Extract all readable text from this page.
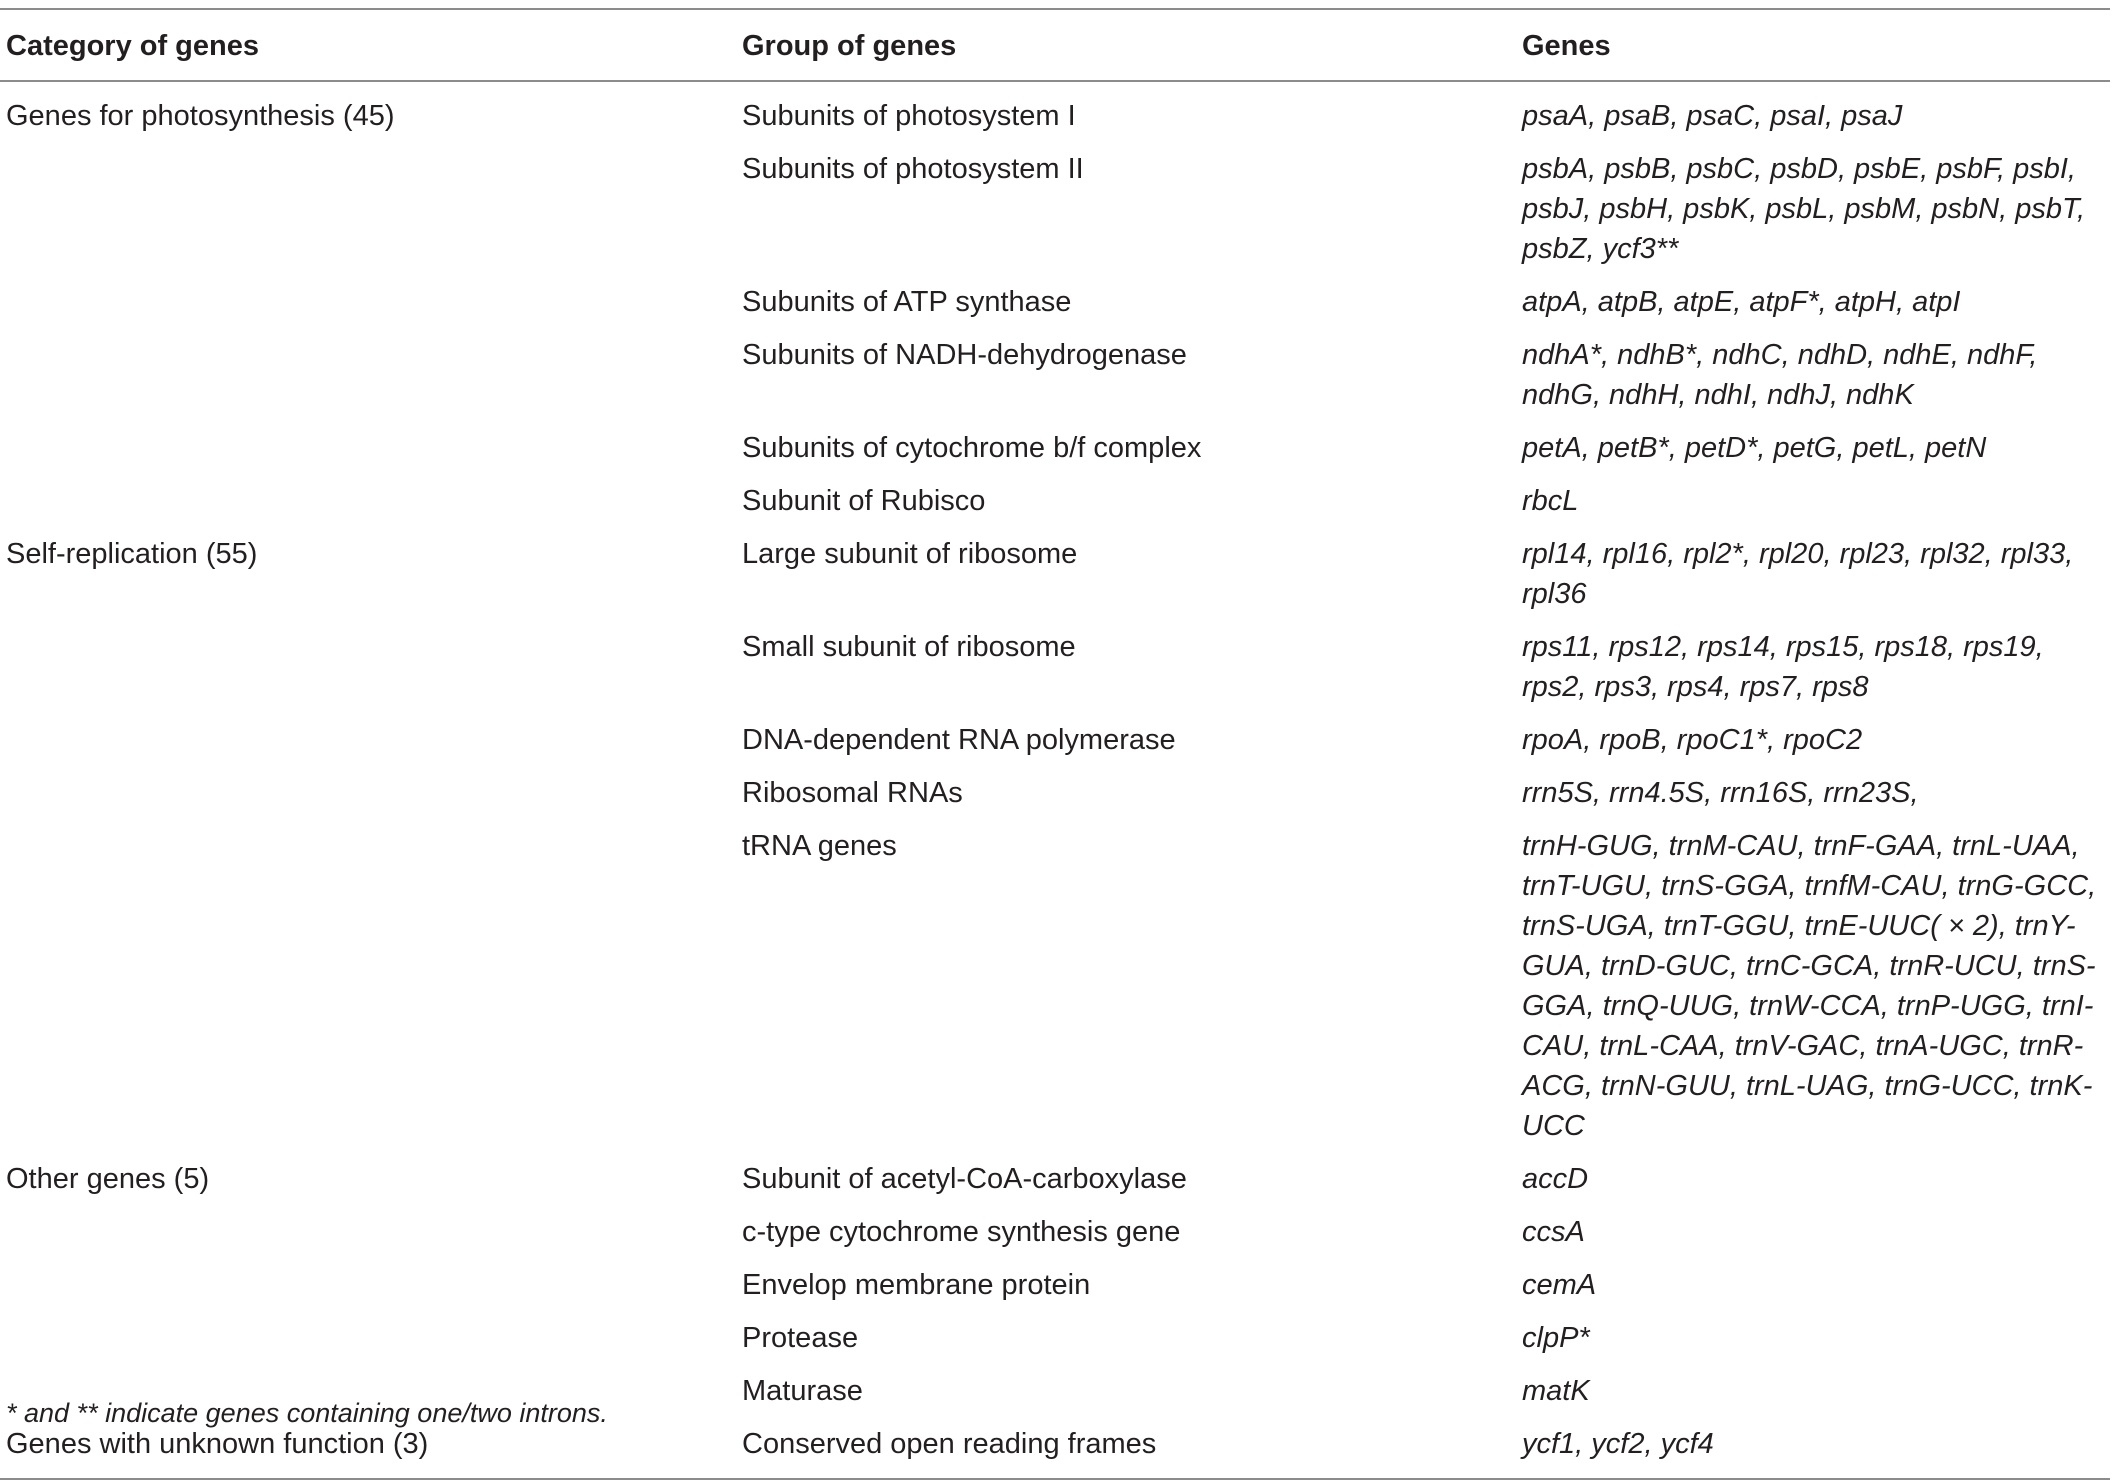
Category of genes	Group of genes	Genes
Genes for photosynthesis (45)	Subunits of photosystem I	psaA, psaB, psaC, psaI, psaJ
	Subunits of photosystem II	psbA, psbB, psbC, psbD, psbE, psbF, psbI, psbJ, psbH, psbK, psbL, psbM, psbN, psbT, psbZ, ycf3**
	Subunits of ATP synthase	atpA, atpB, atpE, atpF*, atpH, atpI
	Subunits of NADH-dehydrogenase	ndhA*, ndhB*, ndhC, ndhD, ndhE, ndhF, ndhG, ndhH, ndhI, ndhJ, ndhK
	Subunits of cytochrome b/f complex	petA, petB*, petD*, petG, petL, petN
	Subunit of Rubisco	rbcL
Self-replication (55)	Large subunit of ribosome	rpl14, rpl16, rpl2*, rpl20, rpl23, rpl32, rpl33, rpl36
	Small subunit of ribosome	rps11, rps12, rps14, rps15, rps18, rps19, rps2, rps3, rps4, rps7, rps8
	DNA-dependent RNA polymerase	rpoA, rpoB, rpoC1*, rpoC2
	Ribosomal RNAs	rrn5S, rrn4.5S, rrn16S, rrn23S,
	tRNA genes	trnH-GUG, trnM-CAU, trnF-GAA, trnL-UAA, trnT-UGU, trnS-GGA, trnfM-CAU, trnG-GCC, trnS-UGA, trnT-GGU, trnE-UUC( × 2), trnY-GUA, trnD-GUC, trnC-GCA, trnR-UCU, trnS-GGA, trnQ-UUG, trnW-CCA, trnP-UGG, trnI-CAU, trnL-CAA, trnV-GAC, trnA-UGC, trnR-ACG, trnN-GUU, trnL-UAG, trnG-UCC, trnK-UCC
Other genes (5)	Subunit of acetyl-CoA-carboxylase	accD
	c-type cytochrome synthesis gene	ccsA
	Envelop membrane protein	cemA
	Protease	clpP*
	Maturase	matK
Genes with unknown function (3)	Conserved open reading frames	ycf1, ycf2, ycf4
* and ** indicate genes containing one/two introns.
